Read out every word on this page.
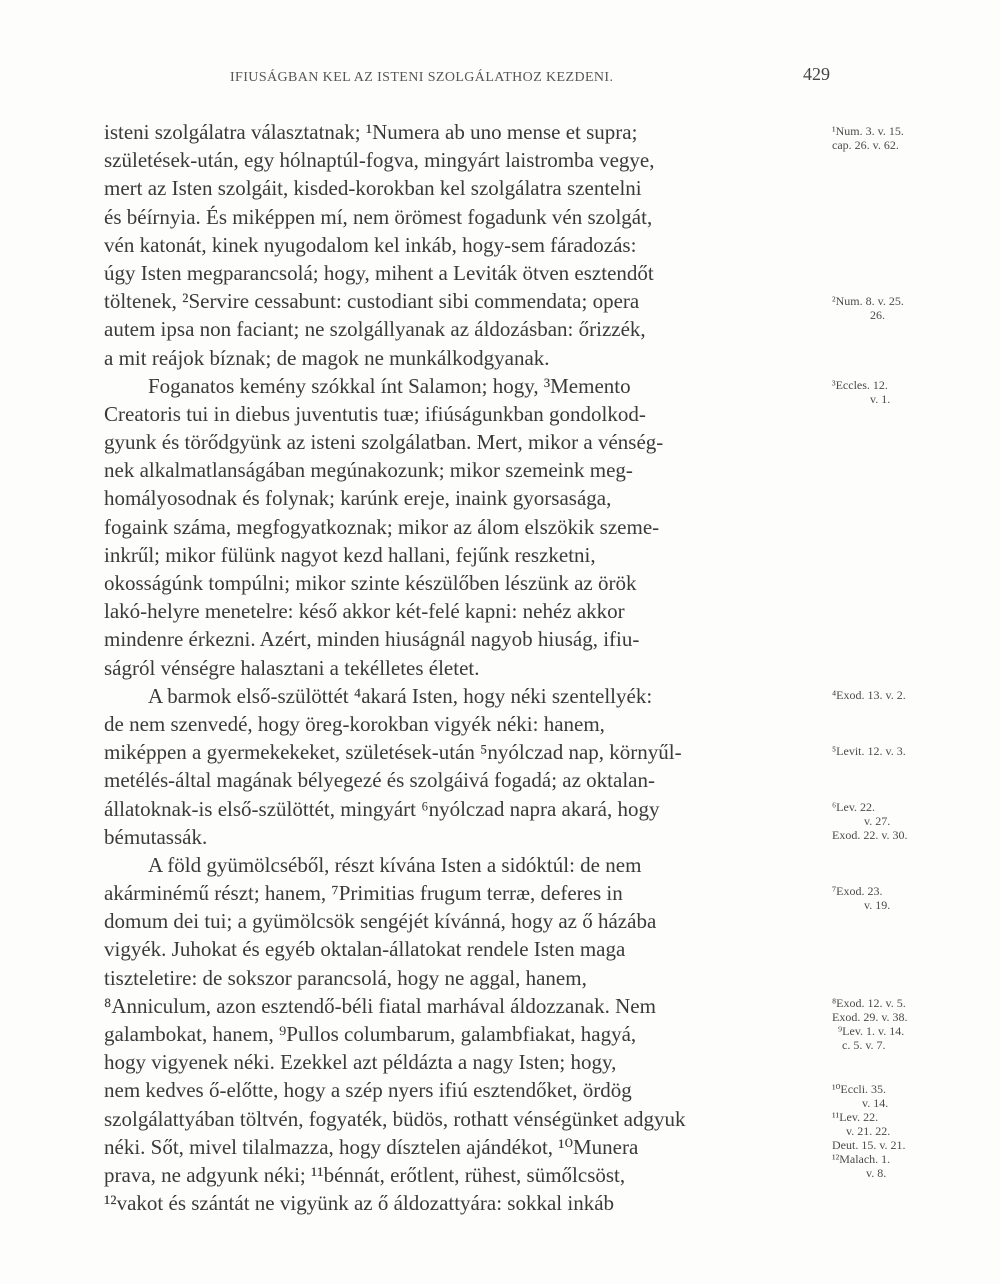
IFIUSÁGBAN KEL AZ ISTENI SZOLGÁLATHOZ KEZDENI.	429
isteni szolgálatra választatnak; ¹Numera ab uno mense et supra;
születések-után, egy hólnaptúl-fogva, mingyárt laistromba vegye,
mert az Isten szolgáit, kisded-korokban kel szolgálatra szentelni
és béírnyia. És miképpen mí, nem örömest fogadunk vén szolgát,
vén katonát, kinek nyugodalom kel inkáb, hogy-sem fáradozás:
úgy Isten megparancsolá; hogy, mihent a Leviták ötven esztendőt
töltenek, ²Servire cessabunt: custodiant sibi commendata; opera
autem ipsa non faciant; ne szolgállyanak az áldozásban: őrizzék,
a mit reájok bíznak; de magok ne munkálkodgyanak.
Foganatos kemény szókkal ínt Salamon; hogy, ³Memento
Creatoris tui in diebus juventutis tuæ; ifiúságunkban gondolkod-
gyunk és törődgyünk az isteni szolgálatban. Mert, mikor a vénség-
nek alkalmatlanságában megúnakozunk; mikor szemeink meg-
homályosodnak és folynak; karúnk ereje, inaink gyorsasága,
fogaink száma, megfogyatkoznak; mikor az álom elszökik szeme-
inkrűl; mikor fülünk nagyot kezd hallani, fejűnk reszketni,
okosságúnk tompúlni; mikor szinte készülőben lészünk az örök
lakó-helyre menetelre: késő akkor két-felé kapni: nehéz akkor
mindenre érkezni. Azért, minden hiuságnál nagyob hiuság, ifiu-
ságról vénségre halasztani a tekélletes életet.
A barmok első-szülöttét ⁴akará Isten, hogy néki szentellyék:
de nem szenvedé, hogy öreg-korokban vigyék néki: hanem,
miképpen a gyermekekeket, születések-után ⁵nyólczad nap, környűl-
metélés-által magának bélyegezé és szolgáivá fogadá; az oktalan-
állatoknak-is első-szülöttét, mingyárt ⁶nyólczad napra akará, hogy
bémutassák.
A föld gyümölcséből, részt kívána Isten a sidóktúl: de nem
akárminémű részt; hanem, ⁷Primitias frugum terræ, deferes in
domum dei tui; a gyümölcsök sengéjét kívánná, hogy az ő házába
vigyék. Juhokat és egyéb oktalan-állatokat rendele Isten maga
tiszteletire: de sokszor parancsolá, hogy ne aggal, hanem,
⁸Anniculum, azon esztendő-béli fiatal marhával áldozzanak. Nem
galambokat, hanem, ⁹Pullos columbarum, galambfiakat, hagyá,
hogy vigyenek néki. Ezekkel azt példázta a nagy Isten; hogy,
nem kedves ő-előtte, hogy a szép nyers ifiú esztendőket, ördög
szolgálattyában töltvén, fogyaték, büdös, rothatt vénségünket adgyuk
néki. Sőt, mivel tilalmazza, hogy dísztelen ajándékot, ¹⁰Munera
prava, ne adgyunk néki; ¹¹bénnát, erőtlent, rühest, sümőlcsöst,
¹²vakot és szántát ne vigyünk az ő áldozattyára: sokkal inkáb
¹Num. 3. v. 15.
cap. 26. v. 62.
²Num. 8. v. 25.
26.
³Eccles. 12.
v. 1.
⁴Exod. 13. v. 2.
⁵Levit. 12. v. 3.
⁶Lev. 22.
v. 27.
Exod. 22. v. 30.
⁷Exod. 23.
v. 19.
⁸Exod. 12. v. 5.
Exod. 29. v. 38.
⁹Lev. 1. v. 14.
c. 5. v. 7.
¹⁰Eccli. 35.
v. 14.
¹¹Lev. 22.
v. 21. 22.
Deut. 15. v. 21.
¹²Malach. 1.
v. 8.
